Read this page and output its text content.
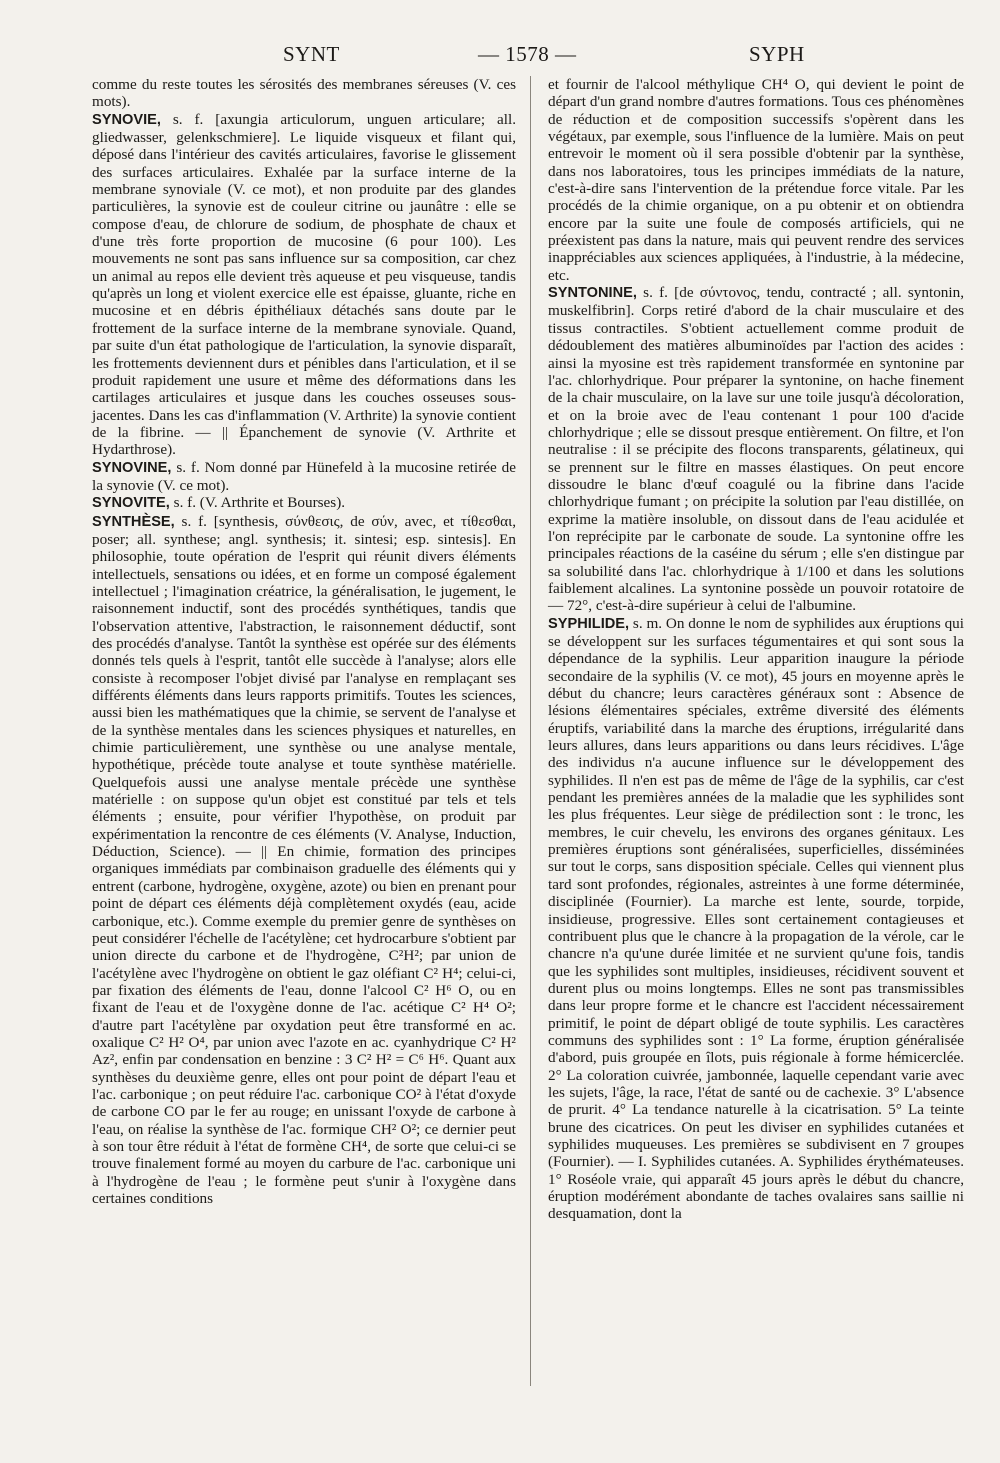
SYNT	— 1578 —	SYPH

comme du reste toutes les sérosités des membranes séreuses (V. ces mots).

SYNOVIE, s. f. [axungia articulorum, unguen articulare; all. gliedwasser, gelenkschmiere]. Le liquide visqueux et filant qui, déposé dans l'intérieur des cavités articulaires, favorise le glissement des surfaces articulaires. Exhalée par la surface interne de la membrane synoviale (V. ce mot), et non produite par des glandes particulières, la synovie est de couleur citrine ou jaunâtre : elle se compose d'eau, de chlorure de sodium, de phosphate de chaux et d'une très forte proportion de mucosine (6 pour 100). Les mouvements ne sont pas sans influence sur sa composition, car chez un animal au repos elle devient très aqueuse et peu visqueuse, tandis qu'après un long et violent exercice elle est épaisse, gluante, riche en mucosine et en débris épithéliaux détachés sans doute par le frottement de la surface interne de la membrane synoviale. Quand, par suite d'un état pathologique de l'articulation, la synovie disparaît, les frottements deviennent durs et pénibles dans l'articulation, et il se produit rapidement une usure et même des déformations dans les cartilages articulaires et jusque dans les couches osseuses sous-jacentes. Dans les cas d'inflammation (V. Arthrite) la synovie contient de la fibrine. — || Épanchement de synovie (V. Arthrite et Hydarthrose).

SYNOVINE, s. f. Nom donné par Hünefeld à la mucosine retirée de la synovie (V. ce mot).

SYNOVITE, s. f. (V. Arthrite et Bourses).

SYNTHÈSE, s. f. [synthesis, σύνθεσις, de σύν, avec, et τίθεσθαι, poser; all. synthese; angl. synthesis; it. sintesi; esp. sintesis]. En philosophie, toute opération de l'esprit qui réunit divers éléments intellectuels, sensations ou idées, et en forme un composé également intellectuel ; l'imagination créatrice, la généralisation, le jugement, le raisonnement inductif, sont des procédés synthétiques, tandis que l'observation attentive, l'abstraction, le raisonnement déductif, sont des procédés d'analyse. Tantôt la synthèse est opérée sur des éléments donnés tels quels à l'esprit, tantôt elle succède à l'analyse; alors elle consiste à recomposer l'objet divisé par l'analyse en remplaçant ses différents éléments dans leurs rapports primitifs. Toutes les sciences, aussi bien les mathématiques que la chimie, se servent de l'analyse et de la synthèse mentales dans les sciences physiques et naturelles, en chimie particulièrement, une synthèse ou une analyse mentale, hypothétique, précède toute analyse et toute synthèse matérielle. Quelquefois aussi une analyse mentale précède une synthèse matérielle : on suppose qu'un objet est constitué par tels et tels éléments ; ensuite, pour vérifier l'hypothèse, on produit par expérimentation la rencontre de ces éléments (V. Analyse, Induction, Déduction, Science). — || En chimie, formation des principes organiques immédiats par combinaison graduelle des éléments qui y entrent (carbone, hydrogène, oxygène, azote) ou bien en prenant pour point de départ ces éléments déjà complètement oxydés (eau, acide carbonique, etc.). Comme exemple du premier genre de synthèses on peut considérer l'échelle de l'acétylène; cet hydrocarbure s'obtient par union directe du carbone et de l'hydrogène, C²H²; par union de l'acétylène avec l'hydrogène on obtient le gaz oléfiant C² H⁴; celui-ci, par fixation des éléments de l'eau, donne l'alcool C² H⁶ O, ou en fixant de l'eau et de l'oxygène donne de l'ac. acétique C² H⁴ O²; d'autre part l'acétylène par oxydation peut être transformé en ac. oxalique C² H² O⁴, par union avec l'azote en ac. cyanhydrique C² H² Az², enfin par condensation en benzine : 3 C² H² = C⁶ H⁶. Quant aux synthèses du deuxième genre, elles ont pour point de départ l'eau et l'ac. carbonique ; on peut réduire l'ac. carbonique CO² à l'état d'oxyde de carbone CO par le fer au rouge; en unissant l'oxyde de carbone à l'eau, on réalise la synthèse de l'ac. formique CH² O²; ce dernier peut à son tour être réduit à l'état de formène CH⁴, de sorte que celui-ci se trouve finalement formé au moyen du carbure de l'ac. carbonique uni à l'hydrogène de l'eau ; le formène peut s'unir à l'oxygène dans certaines conditions

et fournir de l'alcool méthylique CH⁴ O, qui devient le point de départ d'un grand nombre d'autres formations. Tous ces phénomènes de réduction et de composition successifs s'opèrent dans les végétaux, par exemple, sous l'influence de la lumière. Mais on peut entrevoir le moment où il sera possible d'obtenir par la synthèse, dans nos laboratoires, tous les principes immédiats de la nature, c'est-à-dire sans l'intervention de la prétendue force vitale. Par les procédés de la chimie organique, on a pu obtenir et on obtiendra encore par la suite une foule de composés artificiels, qui ne préexistent pas dans la nature, mais qui peuvent rendre des services inappréciables aux sciences appliquées, à l'industrie, à la médecine, etc.

SYNTONINE, s. f. [de σύντονος, tendu, contracté ; all. syntonin, muskelfibrin]. Corps retiré d'abord de la chair musculaire et des tissus contractiles. S'obtient actuellement comme produit de dédoublement des matières albuminoïdes par l'action des acides : ainsi la myosine est très rapidement transformée en syntonine par l'ac. chlorhydrique. Pour préparer la syntonine, on hache finement de la chair musculaire, on la lave sur une toile jusqu'à décoloration, et on la broie avec de l'eau contenant 1 pour 100 d'acide chlorhydrique ; elle se dissout presque entièrement. On filtre, et l'on neutralise : il se précipite des flocons transparents, gélatineux, qui se prennent sur le filtre en masses élastiques. On peut encore dissoudre le blanc d'œuf coagulé ou la fibrine dans l'acide chlorhydrique fumant ; on précipite la solution par l'eau distillée, on exprime la matière insoluble, on dissout dans de l'eau acidulée et l'on reprécipite par le carbonate de soude. La syntonine offre les principales réactions de la caséine du sérum ; elle s'en distingue par sa solubilité dans l'ac. chlorhydrique à 1/100 et dans les solutions faiblement alcalines. La syntonine possède un pouvoir rotatoire de — 72°, c'est-à-dire supérieur à celui de l'albumine.

SYPHILIDE, s. m. On donne le nom de syphilides aux éruptions qui se développent sur les surfaces tégumentaires et qui sont sous la dépendance de la syphilis. Leur apparition inaugure la période secondaire de la syphilis (V. ce mot), 45 jours en moyenne après le début du chancre; leurs caractères généraux sont : Absence de lésions élémentaires spéciales, extrême diversité des éléments éruptifs, variabilité dans la marche des éruptions, irrégularité dans leurs allures, dans leurs apparitions ou dans leurs récidives. L'âge des individus n'a aucune influence sur le développement des syphilides. Il n'en est pas de même de l'âge de la syphilis, car c'est pendant les premières années de la maladie que les syphilides sont les plus fréquentes. Leur siège de prédilection sont : le tronc, les membres, le cuir chevelu, les environs des organes génitaux. Les premières éruptions sont généralisées, superficielles, disséminées sur tout le corps, sans disposition spéciale. Celles qui viennent plus tard sont profondes, régionales, astreintes à une forme déterminée, disciplinée (Fournier). La marche est lente, sourde, torpide, insidieuse, progressive. Elles sont certainement contagieuses et contribuent plus que le chancre à la propagation de la vérole, car le chancre n'a qu'une durée limitée et ne survient qu'une fois, tandis que les syphilides sont multiples, insidieuses, récidivent souvent et durent plus ou moins longtemps. Elles ne sont pas transmissibles dans leur propre forme et le chancre est l'accident nécessairement primitif, le point de départ obligé de toute syphilis. Les caractères communs des syphilides sont : 1° La forme, éruption généralisée d'abord, puis groupée en îlots, puis régionale à forme hémicerclée. 2° La coloration cuivrée, jambonnée, laquelle cependant varie avec les sujets, l'âge, la race, l'état de santé ou de cachexie. 3° L'absence de prurit. 4° La tendance naturelle à la cicatrisation. 5° La teinte brune des cicatrices. On peut les diviser en syphilides cutanées et syphilides muqueuses. Les premières se subdivisent en 7 groupes (Fournier). — I. Syphilides cutanées. A. Syphilides érythémateuses. 1° Roséole vraie, qui apparaît 45 jours après le début du chancre, éruption modérément abondante de taches ovalaires sans saillie ni desquamation, dont la
